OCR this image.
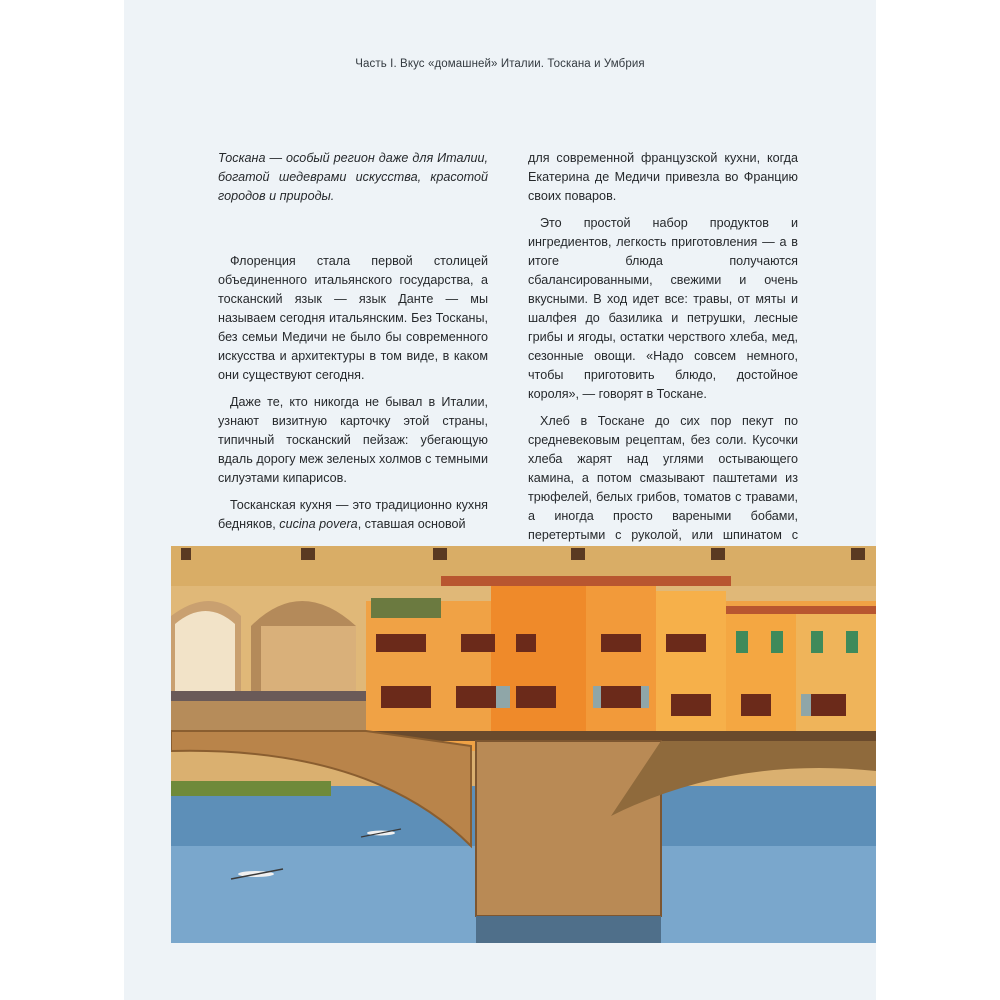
Часть I. Вкус «домашней» Италии. Тоскана и Умбрия

Тоскана — особый регион даже для Италии, богатой шедеврами искусства, красотой городов и природы.

Флоренция стала первой столицей объединенного итальянского государства, а тосканский язык — язык Данте — мы называем сегодня итальянским. Без Тосканы, без семьи Медичи не было бы современного искусства и архитектуры в том виде, в каком они существуют сегодня.

Даже те, кто никогда не бывал в Италии, узнают визитную карточку этой страны, типичный тосканский пейзаж: убегающую вдаль дорогу меж зеленых холмов с темными силуэтами кипарисов.

Тосканская кухня — это традиционно кухня бедняков, cucina povera, ставшая основой

для современной французской кухни, когда Екатерина де Медичи привезла во Францию своих поваров.

Это простой набор продуктов и ингредиентов, легкость приготовления — а в итоге блюда получаются сбалансированными, свежими и очень вкусными. В ход идет все: травы, от мяты и шалфея до базилика и петрушки, лесные грибы и ягоды, остатки черствого хлеба, мед, сезонные овощи. «Надо совсем немного, чтобы приготовить блюдо, достойное короля», — говорят в Тоскане.

Хлеб в Тоскане до сих пор пекут по средневековым рецептам, без соли. Кусочки хлеба жарят над углями остывающего камина, а потом смазывают паштетами из трюфелей, белых грибов, томатов с травами, а иногда просто вареными бобами, перетертыми с руколой, или шпинатом с
